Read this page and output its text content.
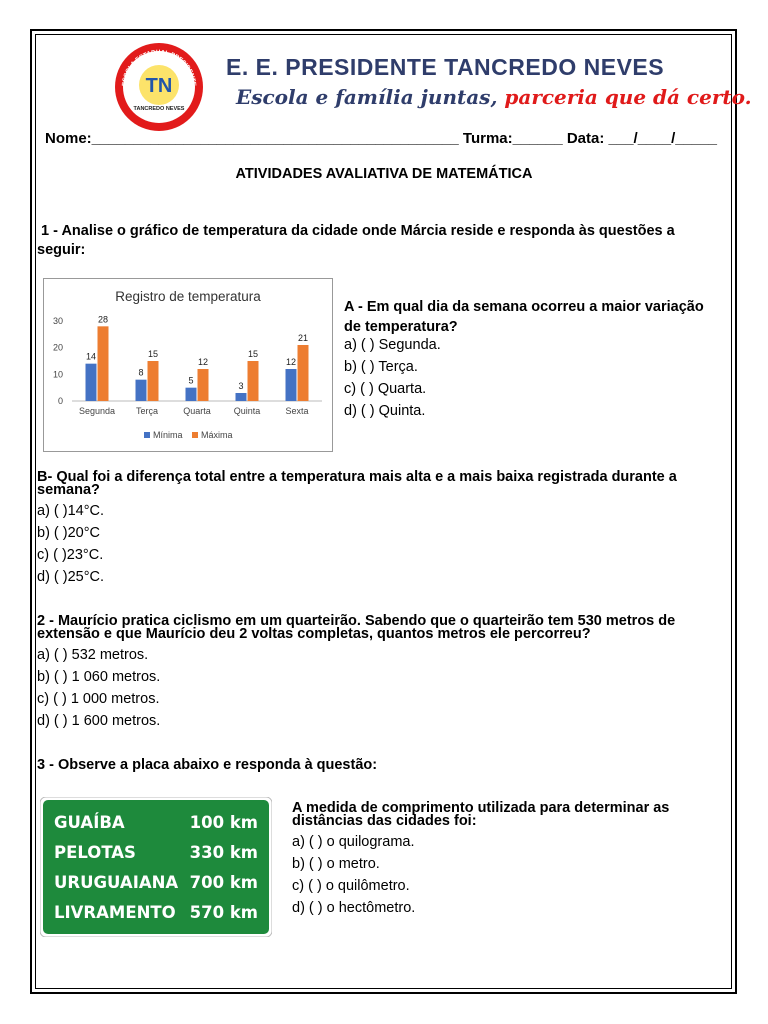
ESCOLA ESTADUAL PRESIDENTE
TN
TANCREDO NEVES
E. E. PRESIDENTE TANCREDO NEVES
Escola e família juntas, parceria que dá certo.
Nome:____________________________________________ Turma:______ Data: ___/____/_____
ATIVIDADES AVALIATIVA DE MATEMÁTICA
1 - Analise o gráfico de temperatura da cidade onde Márcia reside e responda às questões a
seguir:
Registro de temperatura
0
10
20
30
14
28
Segunda
8
15
Terça
5
12
Quarta
3
15
Quinta
12
21
Sexta
Mínima Máxima
A - Em qual dia da semana ocorreu a maior variação
de temperatura?
a) ( ) Segunda.
b) ( ) Terça.
c) ( ) Quarta.
d) ( ) Quinta.
B- Qual foi a diferença total entre a temperatura mais alta e a mais baixa registrada durante a
semana?
a) ( )14°C.
b) ( )20°C
c) ( )23°C.
d) ( )25°C.
2 - Maurício pratica ciclismo em um quarteirão. Sabendo que o quarteirão tem 530 metros de
extensão e que Maurício deu 2 voltas completas, quantos metros ele percorreu?
a) ( ) 532 metros.
b) ( ) 1 060 metros.
c) ( ) 1 000 metros.
d) ( ) 1 600 metros.
3 - Observe a placa abaixo e responda à questão:
GUAÍBA	100 km
PELOTAS	330 km
URUGUAIANA 700 km
LIVRAMENTO 570 km
A medida de comprimento utilizada para determinar as
distâncias das cidades foi:
a) ( ) o quilograma.
b) ( ) o metro.
c) ( ) o quilômetro.
d) ( ) o hectômetro.
